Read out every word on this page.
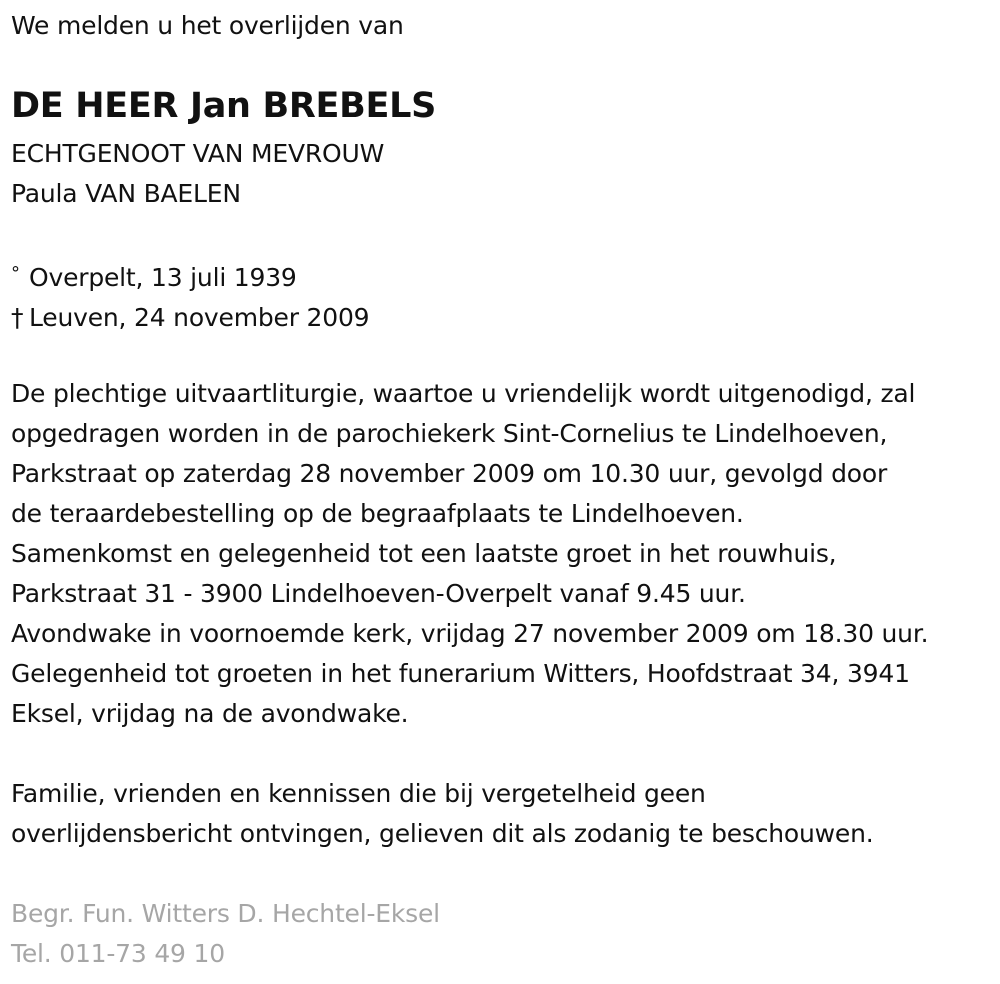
We melden u het overlijden van
DE HEER Jan BREBELS
ECHTGENOOT VAN MEVROUW
Paula VAN BAELEN
° Overpelt, 13 juli 1939
† Leuven, 24 november 2009
De plechtige uitvaartliturgie, waartoe u vriendelijk wordt uitgenodigd, zal
opgedragen worden in de parochiekerk Sint-Cornelius te Lindelhoeven,
Parkstraat op zaterdag 28 november 2009 om 10.30 uur, gevolgd door
de teraardebestelling op de begraafplaats te Lindelhoeven.
Samenkomst en gelegenheid tot een laatste groet in het rouwhuis,
Parkstraat 31 - 3900 Lindelhoeven-Overpelt vanaf 9.45 uur.
Avondwake in voornoemde kerk, vrijdag 27 november 2009 om 18.30 uur.
Gelegenheid tot groeten in het funerarium Witters, Hoofdstraat 34, 3941
Eksel, vrijdag na de avondwake.
Familie, vrienden en kennissen die bij vergetelheid geen
overlijdensbericht ontvingen, gelieven dit als zodanig te beschouwen.
Begr. Fun. Witters D. Hechtel-Eksel
Tel. 011-73 49 10
